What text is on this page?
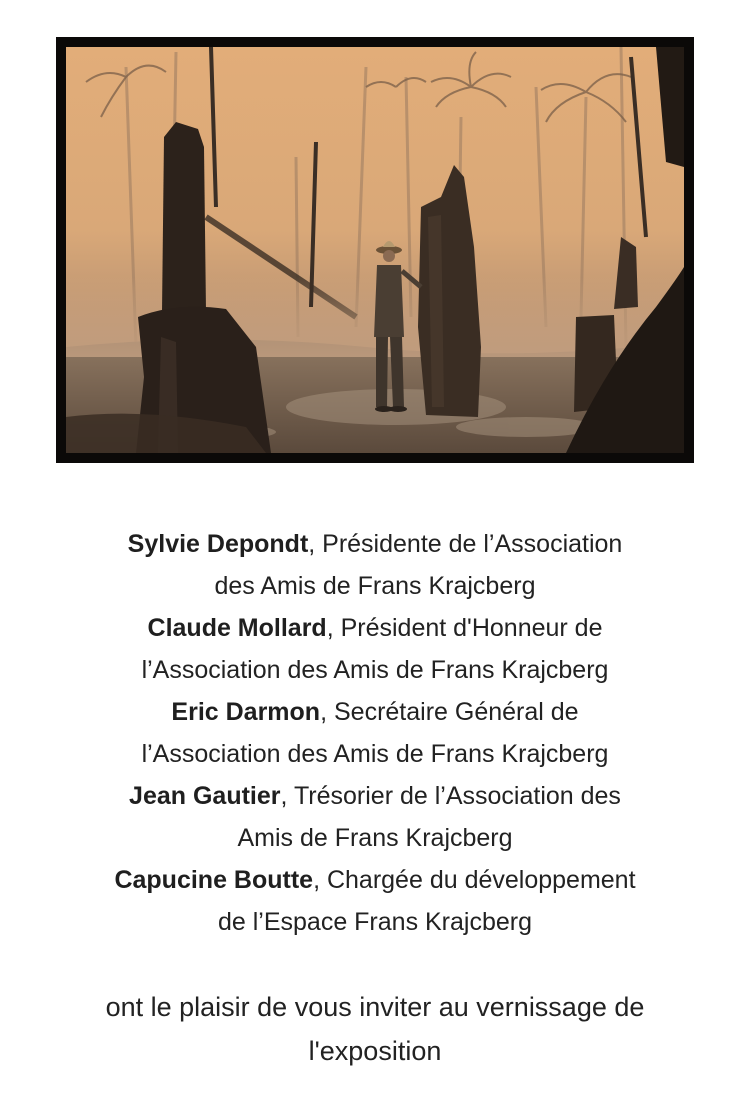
Sylvie Depondt, Présidente de l’Association
des Amis de Frans Krajcberg
Claude Mollard, Président d'Honneur de
l’Association des Amis de Frans Krajcberg
Eric Darmon, Secrétaire Général de
l’Association des Amis de Frans Krajcberg
Jean Gautier, Trésorier de l’Association des
Amis de Frans Krajcberg
Capucine Boutte, Chargée du développement
de l’Espace Frans Krajcberg
ont le plaisir de vous inviter au vernissage de
l'exposition
